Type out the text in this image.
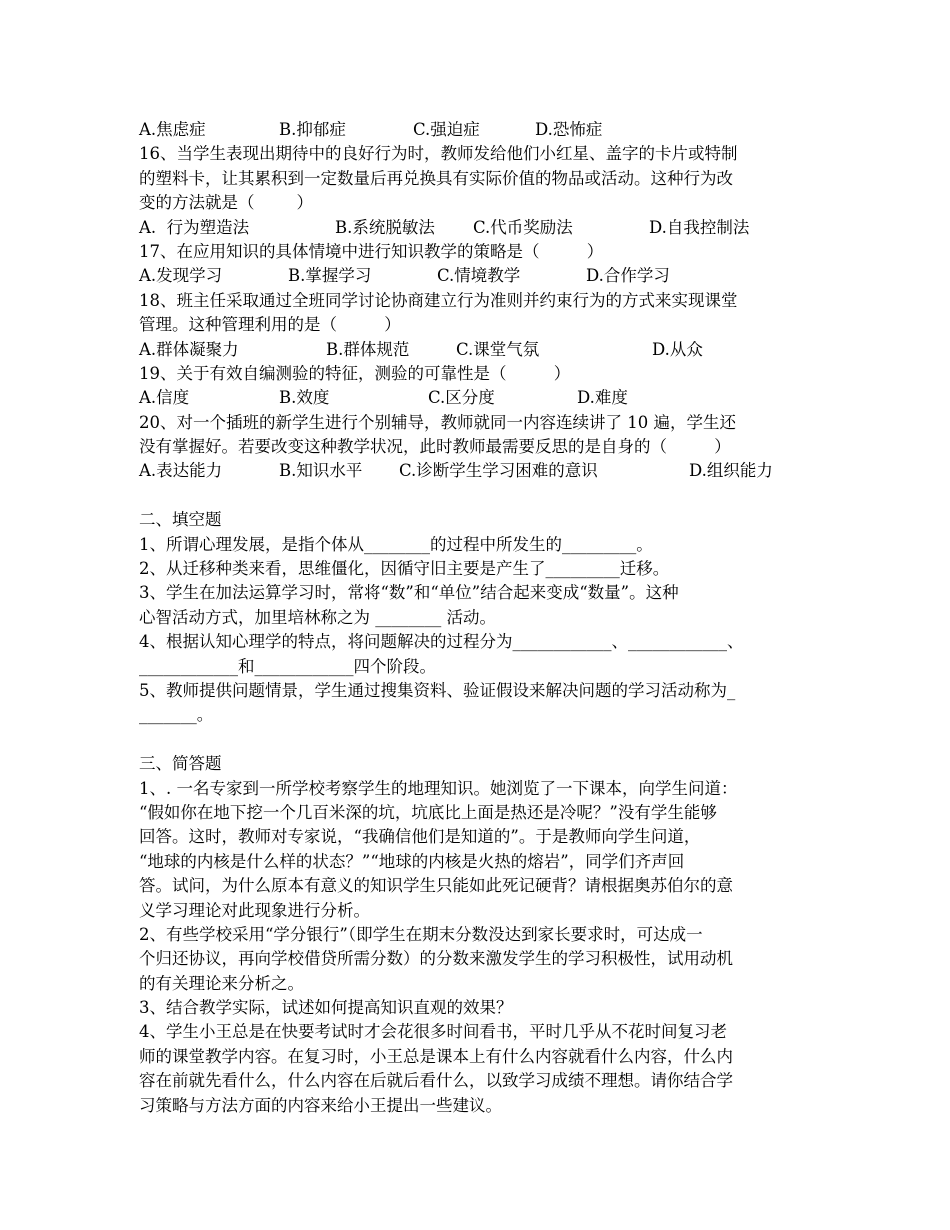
A.焦虑症	B.抑郁症	C.强迫症	D.恐怖症
16、当学生表现出期待中的良好行为时，教师发给他们小红星、盖字的卡片或特制
的塑料卡，让其累积到一定数量后再兑换具有实际价值的物品或活动。这种行为改
变的方法就是（        ）
A.  行为塑造法	B.系统脱敏法	C.代币奖励法	D.自我控制法
17、在应用知识的具体情境中进行知识教学的策略是（         ）
A.发现学习	B.掌握学习	C.情境教学	D.合作学习
18、班主任采取通过全班同学讨论协商建立行为准则并约束行为的方式来实现课堂
管理。这种管理利用的是（         ）
A.群体凝聚力	B.群体规范	C.课堂气氛	D.从众
19、关于有效自编测验的特征，测验的可靠性是（         ）
A.信度	B.效度	C.区分度	D.难度
20、对一个插班的新学生进行个别辅导，教师就同一内容连续讲了 10 遍，学生还
没有掌握好。若要改变这种教学状况，此时教师最需要反思的是自身的（         ）
A.表达能力	B.知识水平	C.诊断学生学习困难的意识	D.组织能力
二、填空题
1、所谓心理发展，是指个体从________的过程中所发生的_________。
2、从迁移种类来看，思维僵化，因循守旧主要是产生了_________迁移。
3、学生在加法运算学习时，常将“数”和“单位”结合起来变成“数量”。这种
心智活动方式，加里培林称之为 ________ 活动。
4、根据认知心理学的特点，将问题解决的过程分为____________、____________、
____________和____________四个阶段。
5、教师提供问题情景，学生通过搜集资料、验证假设来解决问题的学习活动称为_
_______。
三、简答题
1、. 一名专家到一所学校考察学生的地理知识。她浏览了一下课本，向学生问道：
“假如你在地下挖一个几百米深的坑，坑底比上面是热还是冷呢？”没有学生能够
回答。这时，教师对专家说，“我确信他们是知道的”。于是教师向学生问道，
“地球的内核是什么样的状态？”“地球的内核是火热的熔岩”，同学们齐声回
答。试问，为什么原本有意义的知识学生只能如此死记硬背？请根据奥苏伯尔的意
义学习理论对此现象进行分析。
2、有些学校采用“学分银行”（即学生在期末分数没达到家长要求时，可达成一
个归还协议，再向学校借贷所需分数）的分数来激发学生的学习积极性，试用动机
的有关理论来分析之。
3、结合教学实际，试述如何提高知识直观的效果？
4、学生小王总是在快要考试时才会花很多时间看书，平时几乎从不花时间复习老
师的课堂教学内容。在复习时，小王总是课本上有什么内容就看什么内容，什么内
容在前就先看什么，什么内容在后就后看什么，以致学习成绩不理想。请你结合学
习策略与方法方面的内容来给小王提出一些建议。
